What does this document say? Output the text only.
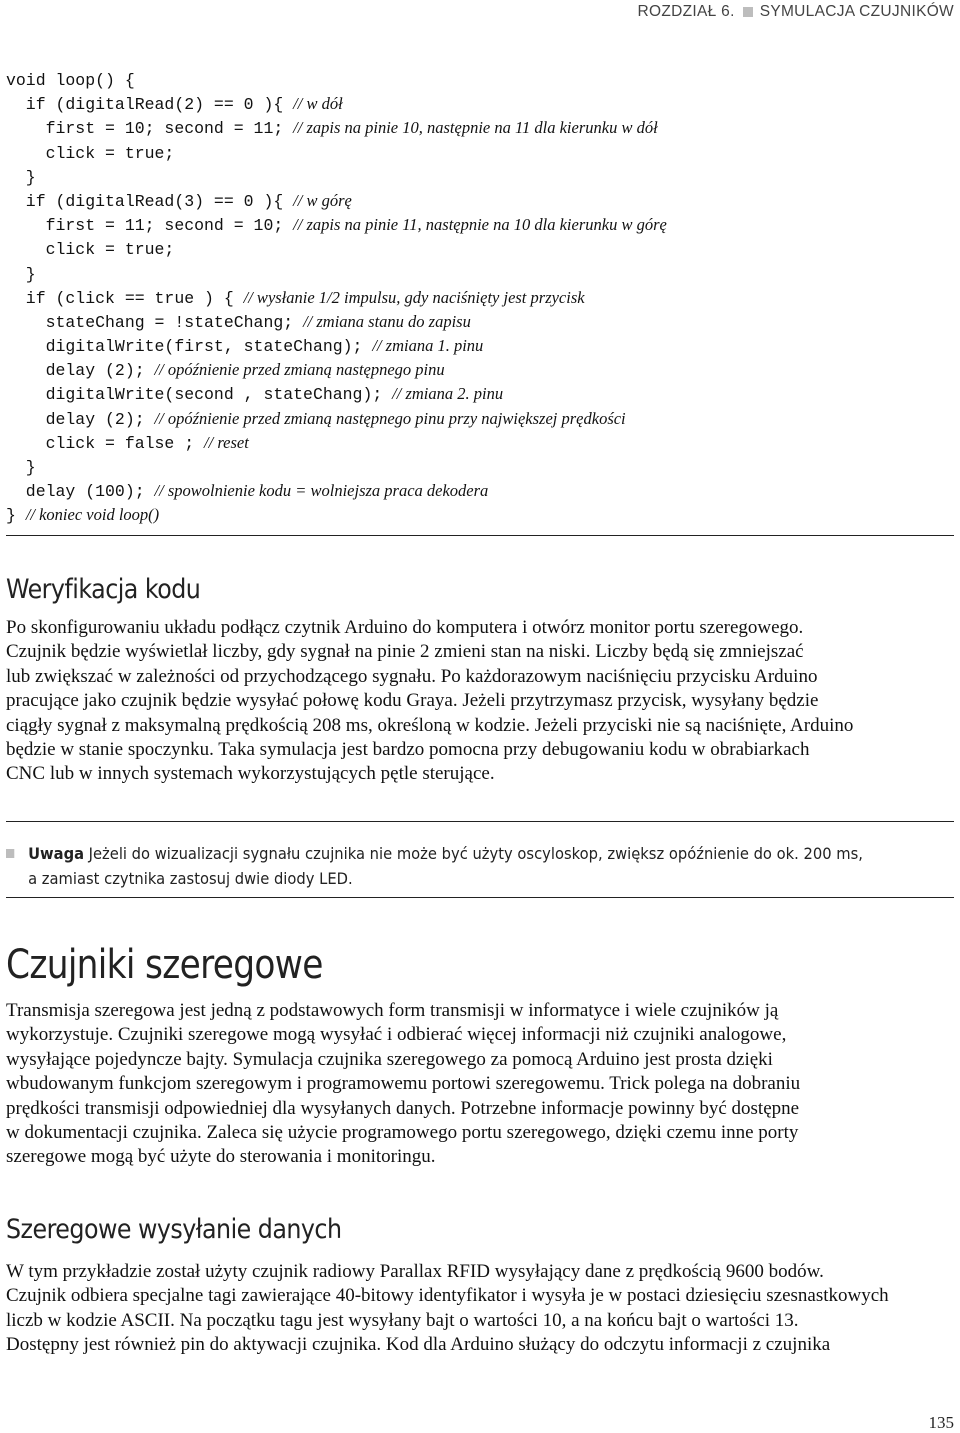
ROZDZIAŁ 6. SYMULACJA CZUJNIKÓW
void loop() {
if (digitalRead(2) == 0 ){ // w dół
first = 10; second = 11; // zapis na pinie 10, następnie na 11 dla kierunku w dół
click = true;
}
if (digitalRead(3) == 0 ){ // w górę
first = 11; second = 10; // zapis na pinie 11, następnie na 10 dla kierunku w górę
click = true;
}
if (click == true ) { // wysłanie 1/2 impulsu, gdy naciśnięty jest przycisk
stateChang = !stateChang; // zmiana stanu do zapisu
digitalWrite(first, stateChang); // zmiana 1. pinu
delay (2); // opóźnienie przed zmianą następnego pinu
digitalWrite(second , stateChang); // zmiana 2. pinu
delay (2); // opóźnienie przed zmianą następnego pinu przy największej prędkości
click = false ; // reset
}
delay (100); // spowolnienie kodu = wolniejsza praca dekodera
} // koniec void loop()
Weryfikacja kodu
Po skonfigurowaniu układu podłącz czytnik Arduino do komputera i otwórz monitor portu szeregowego.
Czujnik będzie wyświetlał liczby, gdy sygnał na pinie 2 zmieni stan na niski. Liczby będą się zmniejszać
lub zwiększać w zależności od przychodzącego sygnału. Po każdorazowym naciśnięciu przycisku Arduino
pracujące jako czujnik będzie wysyłać połowę kodu Graya. Jeżeli przytrzymasz przycisk, wysyłany będzie
ciągły sygnał z maksymalną prędkością 208 ms, określoną w kodzie. Jeżeli przyciski nie są naciśnięte, Arduino
będzie w stanie spoczynku. Taka symulacja jest bardzo pomocna przy debugowaniu kodu w obrabiarkach
CNC lub w innych systemach wykorzystujących pętle sterujące.
Uwaga Jeżeli do wizualizacji sygnału czujnika nie może być użyty oscyloskop, zwiększ opóźnienie do ok. 200 ms,
a zamiast czytnika zastosuj dwie diody LED.
Czujniki szeregowe
Transmisja szeregowa jest jedną z podstawowych form transmisji w informatyce i wiele czujników ją
wykorzystuje. Czujniki szeregowe mogą wysyłać i odbierać więcej informacji niż czujniki analogowe,
wysyłające pojedyncze bajty. Symulacja czujnika szeregowego za pomocą Arduino jest prosta dzięki
wbudowanym funkcjom szeregowym i programowemu portowi szeregowemu. Trick polega na dobraniu
prędkości transmisji odpowiedniej dla wysyłanych danych. Potrzebne informacje powinny być dostępne
w dokumentacji czujnika. Zaleca się użycie programowego portu szeregowego, dzięki czemu inne porty
szeregowe mogą być użyte do sterowania i monitoringu.
Szeregowe wysyłanie danych
W tym przykładzie został użyty czujnik radiowy Parallax RFID wysyłający dane z prędkością 9600 bodów.
Czujnik odbiera specjalne tagi zawierające 40-bitowy identyfikator i wysyła je w postaci dziesięciu szesnastkowych
liczb w kodzie ASCII. Na początku tagu jest wysyłany bajt o wartości 10, a na końcu bajt o wartości 13.
Dostępny jest również pin do aktywacji czujnika. Kod dla Arduino służący do odczytu informacji z czujnika
135
